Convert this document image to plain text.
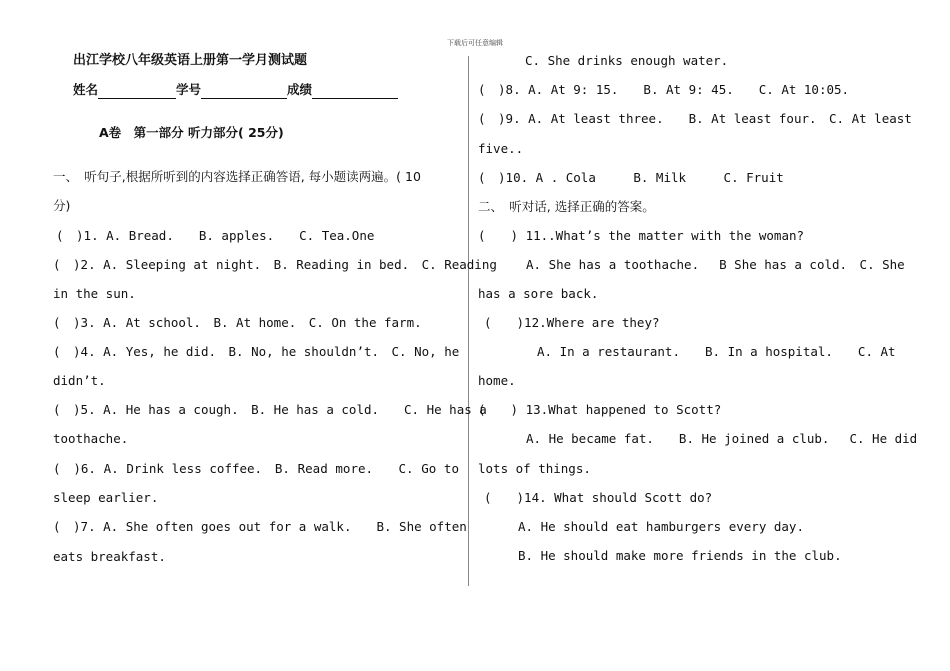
下载后可任意编辑
出江学校八年级英语上册第一学月测试题
姓名	学号	成绩
A卷　第一部分 听力部分( 25分)
一、　听句子,根据所听到的内容选择正确答语, 每小题读两遍。( 10
分)
(　)1. A. Bread.　　B. apples.　　C. Tea.One
(　)2. A. Sleeping at night.　B. Reading in bed.　C. Reading
in the sun.
(　)3. A. At school.　B. At home.　C. On the farm.
(　)4. A. Yes, he did.　B. No, he shouldn’t.　C. No, he
didn’t.
(　)5. A. He has a cough.　B. He has a cold.　　C. He has a
toothache.
(　)6. A. Drink less coffee.　B. Read more.　　C. Go to
sleep earlier.
(　)7. A. She often goes out for a walk.　　B. She often
eats breakfast.
C. She drinks enough water.
(　)8. A. At 9: 15.　　B. At 9: 45.　　C. At 10:05.
(　)9. A. At least three.　　B. At least four.　C. At least
five..
(　)10. A . Cola　　　B. Milk　　　C. Fruit
二、　听对话, 选择正确的答案。
(　　) 11..What’s the matter with the woman?
A. She has a toothache.　 B She has a cold.　C. She
has a sore back.
(　　)12.Where are they?
A. In a restaurant.　　B. In a hospital.　　C. At
home.
(　　) 13.What happened to Scott?
A. He became fat.　　B. He joined a club.　 C. He did
lots of things.
(　　)14. What should Scott do?
A. He should eat hamburgers every day.
B. He should make more friends in the club.
